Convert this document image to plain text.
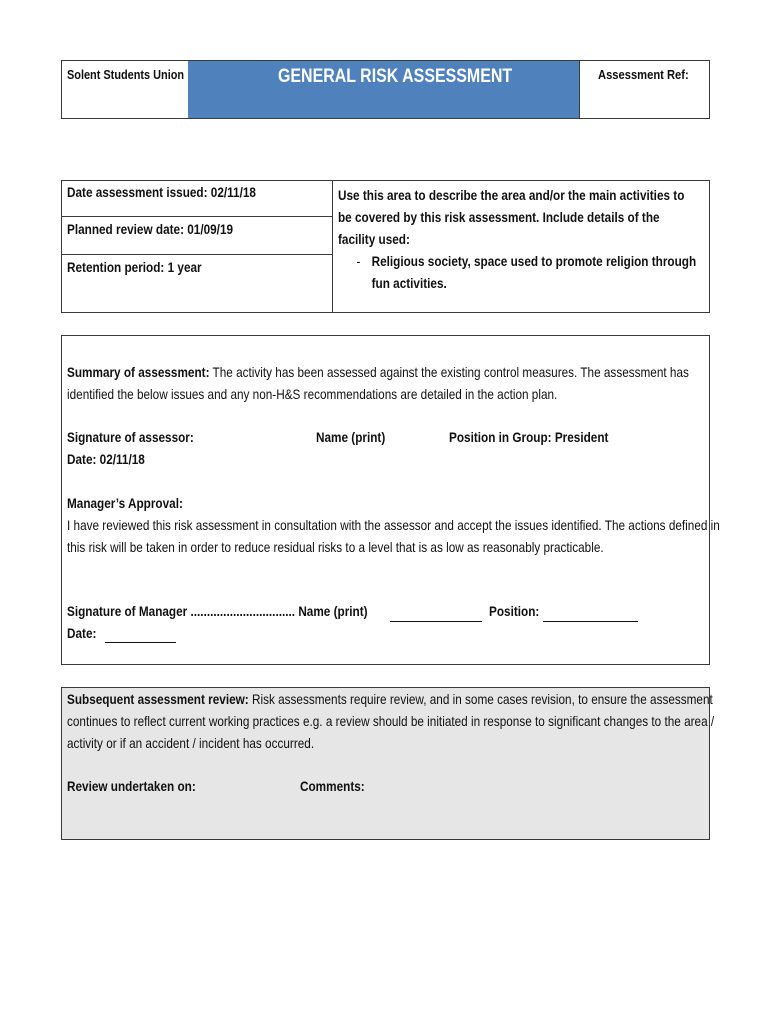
Solent Students Union	GENERAL RISK ASSESSMENT	Assessment Ref:
Date assessment issued: 02/11/18
Planned review date: 01/09/19
Retention period: 1 year
Use this area to describe the area and/or the main activities to
be covered by this risk assessment. Include details of the
facility used:
- Religious society, space used to promote religion through

fun activities.
Summary of assessment: The activity has been assessed against the existing control measures. The assessment has
identified the below issues and any non-H&S recommendations are detailed in the action plan.
Signature of assessor:	Name (print)	Position in Group: President
Date: 02/11/18
Manager’s Approval:
I have reviewed this risk assessment in consultation with the assessor and accept the issues identified. The actions defined in
this risk will be taken in order to reduce residual risks to a level that is as low as reasonably practicable.
Signature of Manager ................................ Name (print)	Position:
Date:
Subsequent assessment review: Risk assessments require review, and in some cases revision, to ensure the assessment
continues to reflect current working practices e.g. a review should be initiated in response to significant changes to the area /
activity or if an accident / incident has occurred.
Review undertaken on:	Comments:
